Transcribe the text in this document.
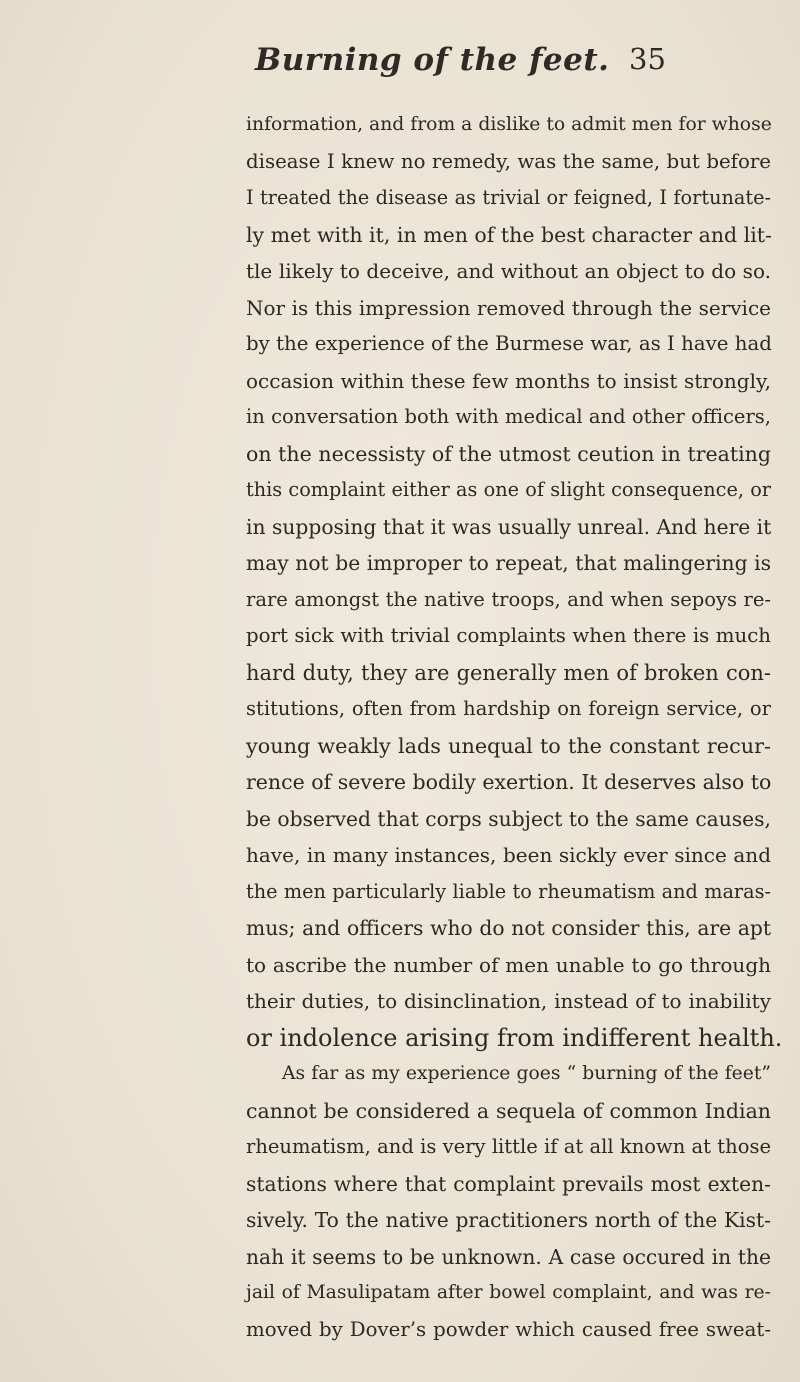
Burning of the feet. 35
information, and from a dislike to admit men for whose
disease I knew no remedy, was the same, but before
I treated the disease as trivial or feigned, I fortunate-
ly met with it, in men of the best character and lit-
tle likely to deceive, and without an object to do so.
Nor is this impression removed through the service
by the experience of the Burmese war, as I have had
occasion within these few months to insist strongly,
in conversation both with medical and other officers,
on the necessisty of the utmost ceution in treating
this complaint either as one of slight consequence, or
in supposing that it was usually unreal. And here it
may not be improper to repeat, that malingering is
rare amongst the native troops, and when sepoys re-
port sick with trivial complaints when there is much
hard duty, they are generally men of broken con-
stitutions, often from hardship on foreign service, or
young weakly lads unequal to the constant recur-
rence of severe bodily exertion. It deserves also to
be observed that corps subject to the same causes,
have, in many instances, been sickly ever since and
the men particularly liable to rheumatism and maras-
mus; and officers who do not consider this, are apt
to ascribe the number of men unable to go through
their duties, to disinclination, instead of to inability
or indolence arising from indifferent health.
As far as my experience goes “ burning of the feet”
cannot be considered a sequela of common Indian
rheumatism, and is very little if at all known at those
stations where that complaint prevails most exten-
sively. To the native practitioners north of the Kist-
nah it seems to be unknown. A case occured in the
jail of Masulipatam after bowel complaint, and was re-
moved by Dover’s powder which caused free sweat-
